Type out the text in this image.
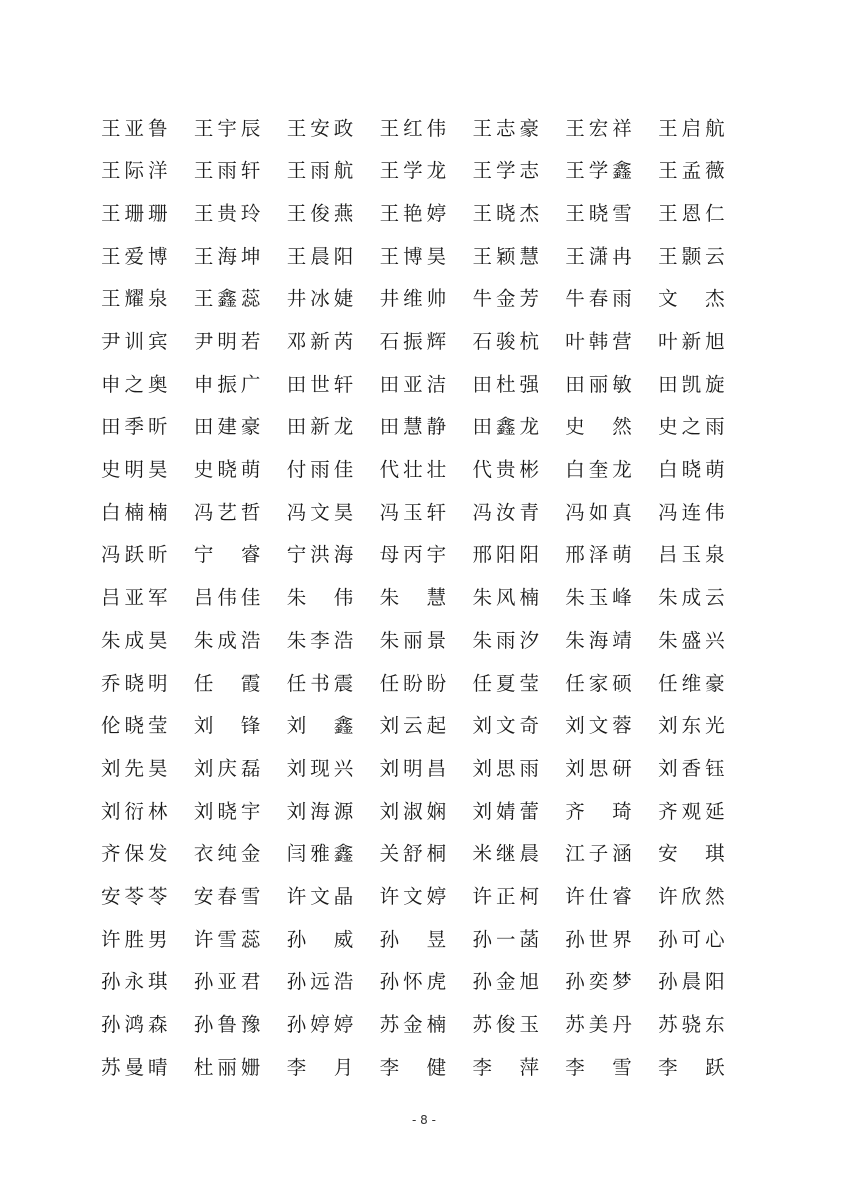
王亚鲁	王宇辰	王安政	王红伟	王志豪	王宏祥	王启航
王际洋	王雨轩	王雨航	王学龙	王学志	王学鑫	王孟薇
王珊珊	王贵玲	王俊燕	王艳婷	王晓杰	王晓雪	王恩仁
王爱博	王海坤	王晨阳	王博昊	王颖慧	王潇冉	王颢云
王耀泉	王鑫蕊	井冰婕	井维帅	牛金芳	牛春雨	文　杰
尹训宾	尹明若	邓新芮	石振辉	石骏杭	叶韩营	叶新旭
申之奥	申振广	田世轩	田亚洁	田杜强	田丽敏	田凯旋
田季昕	田建豪	田新龙	田慧静	田鑫龙	史　然	史之雨
史明昊	史晓萌	付雨佳	代壮壮	代贵彬	白奎龙	白晓萌
白楠楠	冯艺哲	冯文昊	冯玉轩	冯汝青	冯如真	冯连伟
冯跃昕	宁　睿	宁洪海	母丙宇	邢阳阳	邢泽萌	吕玉泉
吕亚军	吕伟佳	朱　伟	朱　慧	朱风楠	朱玉峰	朱成云
朱成昊	朱成浩	朱李浩	朱丽景	朱雨汐	朱海靖	朱盛兴
乔晓明	任　霞	任书震	任盼盼	任夏莹	任家硕	任维豪
伦晓莹	刘　锋	刘　鑫	刘云起	刘文奇	刘文蓉	刘东光
刘先昊	刘庆磊	刘现兴	刘明昌	刘思雨	刘思研	刘香钰
刘衍林	刘晓宇	刘海源	刘淑娴	刘婧蕾	齐　琦	齐观延
齐保发	衣纯金	闫雅鑫	关舒桐	米继晨	江子涵	安　琪
安苓苓	安春雪	许文晶	许文婷	许正柯	许仕睿	许欣然
许胜男	许雪蕊	孙　威	孙　昱	孙一菡	孙世界	孙可心
孙永琪	孙亚君	孙远浩	孙怀虎	孙金旭	孙奕梦	孙晨阳
孙鸿森	孙鲁豫	孙婷婷	苏金楠	苏俊玉	苏美丹	苏骁东
苏曼晴	杜丽姗	李　月	李　健	李　萍	李　雪	李　跃
- 8 -
